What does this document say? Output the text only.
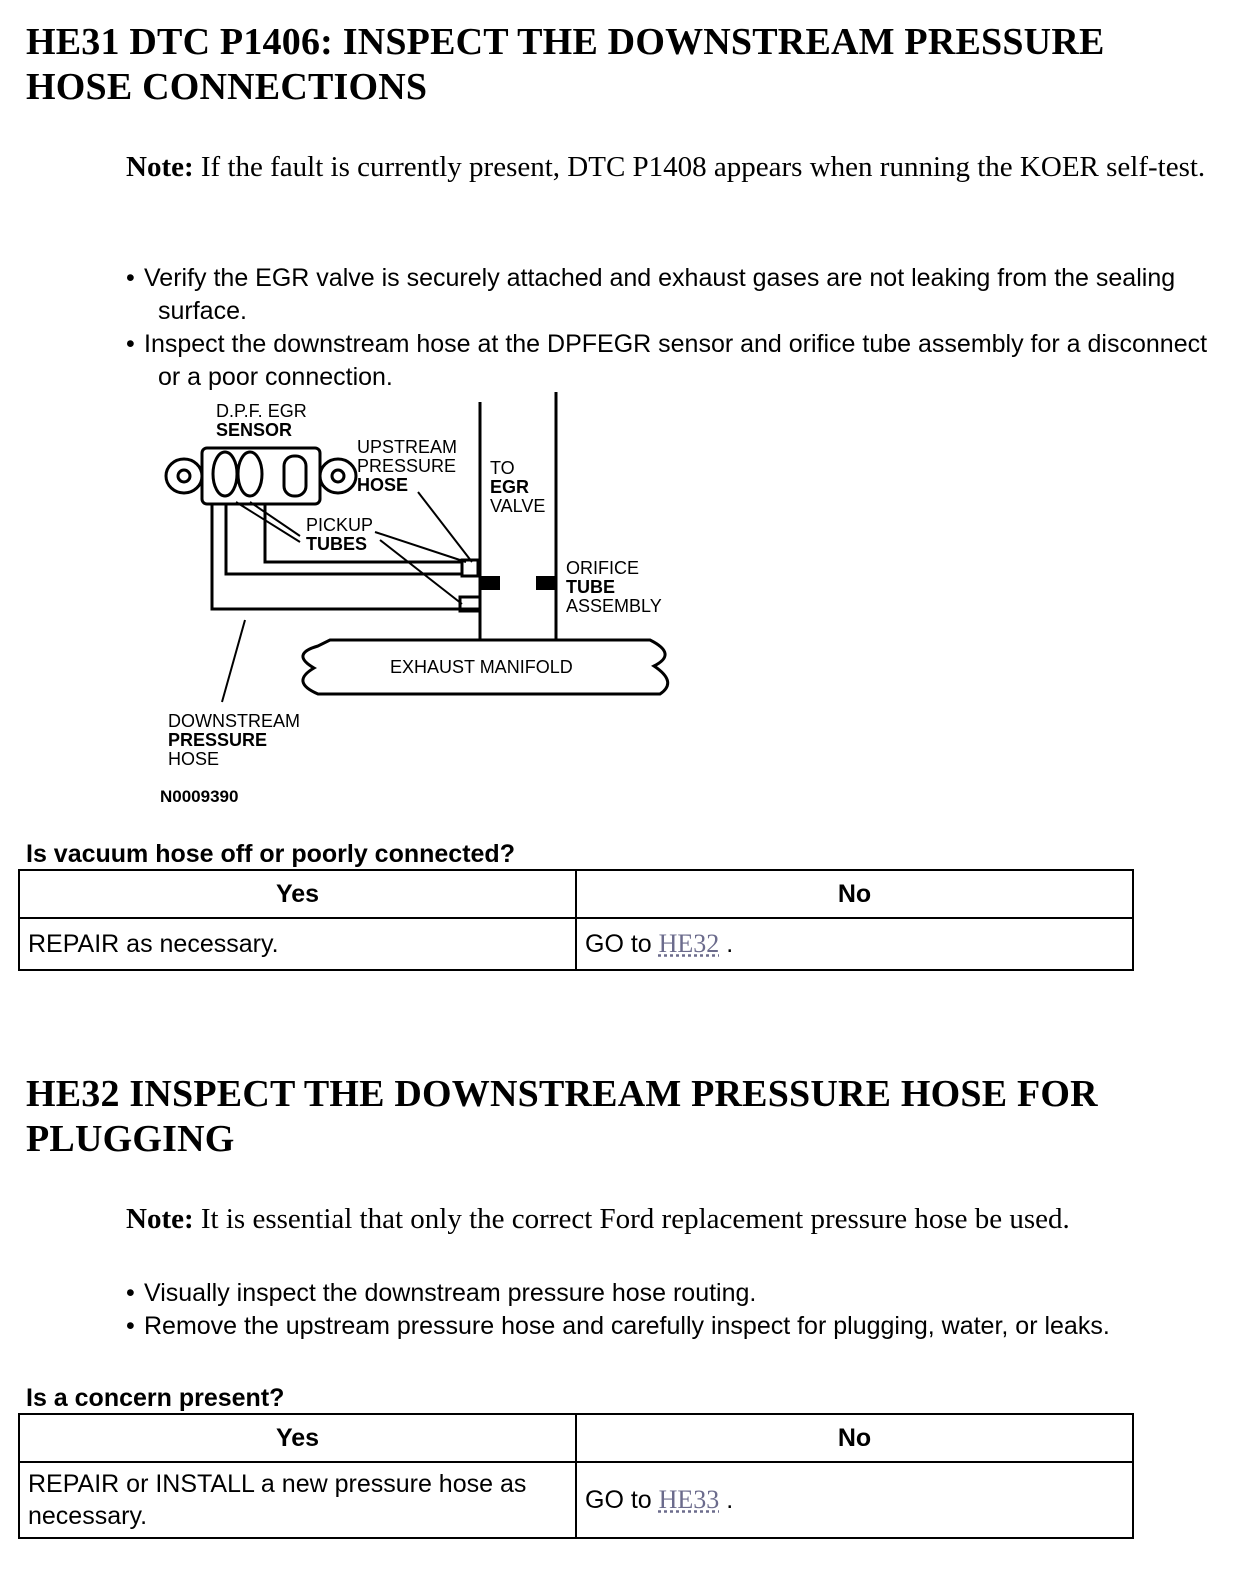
HE31 DTC P1406: INSPECT THE DOWNSTREAM PRESSURE
HOSE CONNECTIONS

Note: If the fault is currently present, DTC P1408 appears when running the KOER self-test.

• Verify the EGR valve is securely attached and exhaust gases are not leaking from the sealing surface.
• Inspect the downstream hose at the DPFEGR sensor and orifice tube assembly for a disconnect or a poor connection.
D.P.F. EGR
SENSOR
UPSTREAM
PRESSURE
HOSE
TO
EGR
VALVE
PICKUP
TUBES
ORIFICE
TUBE
ASSEMBLY
EXHAUST MANIFOLD
DOWNSTREAM
PRESSURE
HOSE
N0009390

Is vacuum hose off or poorly connected?

Yes	No
REPAIR as necessary.	GO to HE32 .
HE32 INSPECT THE DOWNSTREAM PRESSURE HOSE FOR
PLUGGING

Note: It is essential that only the correct Ford replacement pressure hose be used.

• Visually inspect the downstream pressure hose routing.
• Remove the upstream pressure hose and carefully inspect for plugging, water, or leaks.

Is a concern present?

Yes	No
REPAIR or INSTALL a new pressure hose as necessary.	GO to HE33 .
